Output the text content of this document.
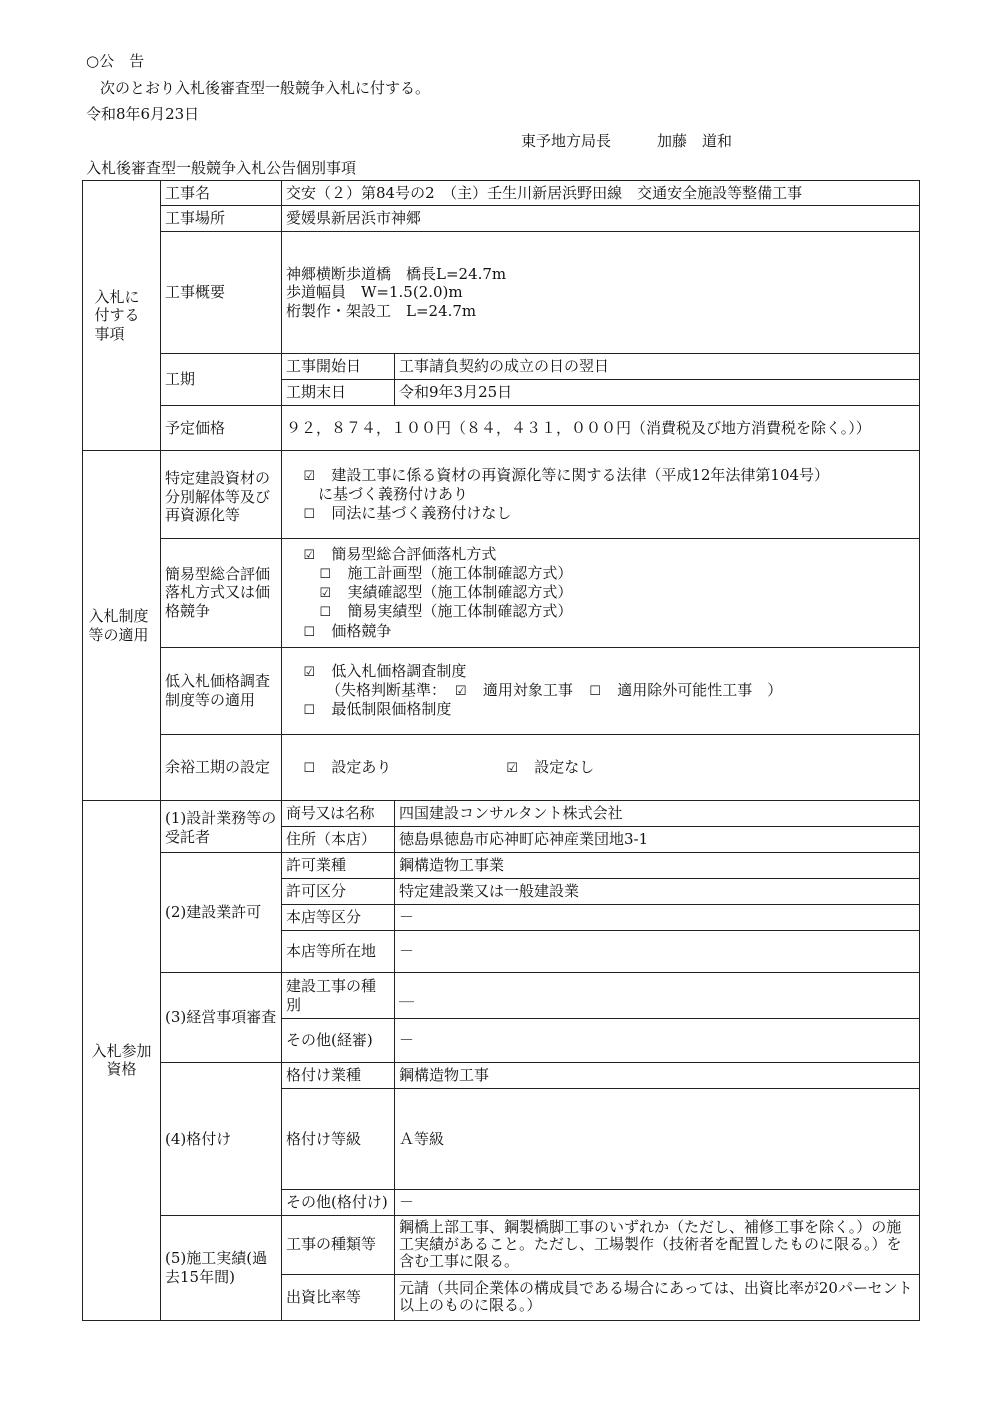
○公　告
次のとおり入札後審査型一般競争入札に付する。
令和8年6月23日
東予地方局長	加藤　道和
入札後審査型一般競争入札公告個別事項
入札に付する事項	工事名	交安（２）第84号の2　（主）壬生川新居浜野田線　交通安全施設等整備工事	
	工事場所	愛媛県新居浜市神郷	
	工事概要	神郷横断歩道橋　橋長L=24.7m
歩道幅員　W=1.5(2.0)m
桁製作・架設工　L=24.7m	

	工期	工事開始日	工事請負契約の成立の日の翌日
		工期末日	令和9年3月25日
	予定価格	９２，８７４，１００円（８４，４３１，０００円（消費税及び地方消費税を除く。））	

入札制度等の適用	特定建設資材の分別解体等及び再資源化等	☑　 建設工事に係る資材の再資源化等に関する法律（平成12年法律第104号）
に基づく義務付けあり
☐　 同法に基づく義務付けなし	

	簡易型総合評価落札方式又は価格競争	☑　 簡易型総合評価落札方式
☐　 施工計画型（施工体制確認方式）
☑　 実績確認型（施工体制確認方式）
☐　 簡易実績型（施工体制確認方式）
☐　 価格競争	

	低入札価格調査制度等の適用	☑　 低入札価格調査制度
（失格判断基準：　 ☑　 適用対象工事　 ☐　 適用除外可能性工事　 ）
☐　 最低制限価格制度	

	余裕工期の設定	☐　 設定あり ☑　 設定なし	

入札参加資格	(1)設計業務等の受託者	商号又は名称	四国建設コンサルタント株式会社
		住所（本店）	徳島県徳島市応神町応神産業団地3-1
	(2)建設業許可	許可業種	鋼構造物工事業
		許可区分	特定建設業又は一般建設業
		本店等区分	－
		本店等所在地	－
	(3)経営事項審査	建設工事の種別	＿
		その他(経審)	－
	(4)格付け	格付け業種	鋼構造物工事
		格付け等級	Ａ等級
		その他(格付け)	－
	(5)施工実績(過去15年間)	工事の種類等	鋼橋上部工事、鋼製橋脚工事のいずれか（ただし、補修工事を除く。）の施工実績があること。ただし、工場製作（技術者を配置したものに限る。）を含む工事に限る。
		出資比率等	元請（共同企業体の構成員である場合にあっては、出資比率が20パーセント以上のものに限る。）
